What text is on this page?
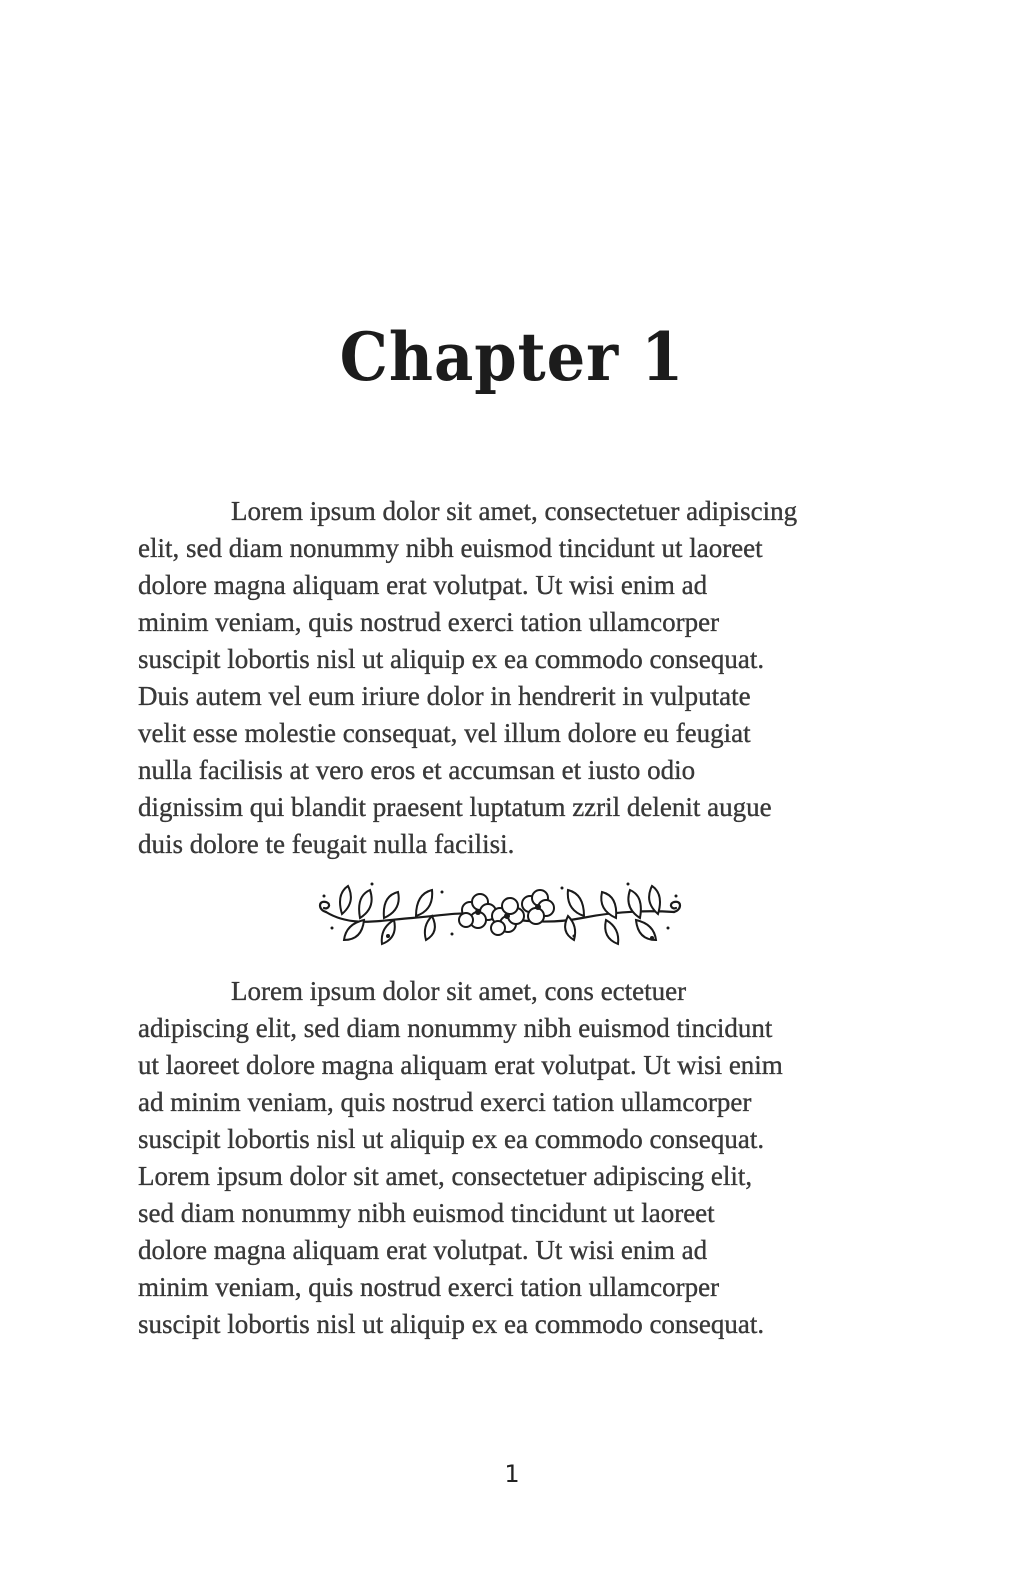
Chapter 1
Lorem ipsum dolor sit amet, consectetuer adipiscing
elit, sed diam nonummy nibh euismod tincidunt ut laoreet
dolore magna aliquam erat volutpat. Ut wisi enim ad
minim veniam, quis nostrud exerci tation ullamcorper
suscipit lobortis nisl ut aliquip ex ea commodo consequat.
Duis autem vel eum iriure dolor in hendrerit in vulputate
velit esse molestie consequat, vel illum dolore eu feugiat
nulla facilisis at vero eros et accumsan et iusto odio
dignissim qui blandit praesent luptatum zzril delenit augue
duis dolore te feugait nulla facilisi.
Lorem ipsum dolor sit amet, cons ectetuer
adipiscing elit, sed diam nonummy nibh euismod tincidunt
ut laoreet dolore magna aliquam erat volutpat. Ut wisi enim
ad minim veniam, quis nostrud exerci tation ullamcorper
suscipit lobortis nisl ut aliquip ex ea commodo consequat.
Lorem ipsum dolor sit amet, consectetuer adipiscing elit,
sed diam nonummy nibh euismod tincidunt ut laoreet
dolore magna aliquam erat volutpat. Ut wisi enim ad
minim veniam, quis nostrud exerci tation ullamcorper
suscipit lobortis nisl ut aliquip ex ea commodo consequat.
1
